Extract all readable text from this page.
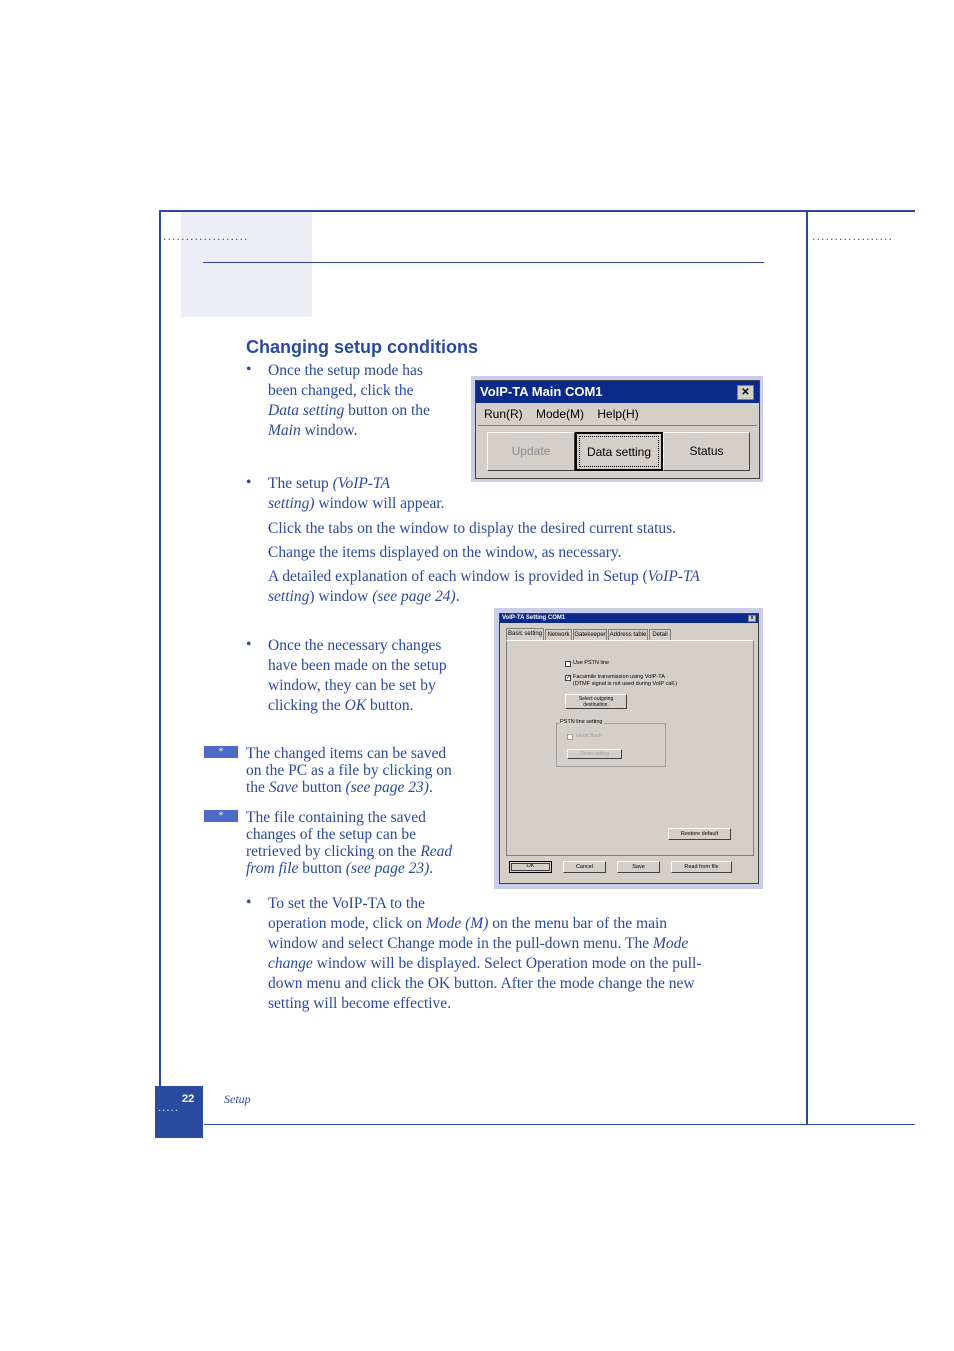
···················	··················
Changing setup conditions
• Once the setup mode has
been changed, click the
Data setting button on the
Main window.
• The setup (VoIP-TA
setting) window will appear.
Click the tabs on the window to display the desired current status.
Change the items displayed on the window, as necessary.
A detailed explanation of each window is provided in Setup (VoIP-TA
setting) window (see page 24).
• Once the necessary changes
have been made on the setup
window, they can be set by
clicking the OK button.
*	The changed items can be saved
on the PC as a file by clicking on
the Save button (see page 23).
*	The file containing the saved
changes of the setup can be
retrieved by clicking on the Read
from file button (see page 23).
• To set the VoIP-TA to the
operation mode, click on Mode (M) on the menu bar of the main
window and select Change mode in the pull-down menu. The Mode
change window will be displayed. Select Operation mode on the pull-
down menu and click the OK button. After the mode change the new
setting will become effective.
VoIP-TA Main COM1	✕
Run(R) Mode(M) Help(H)
Update	Data setting	Status
VoIP-TA Setting COM1	x
Basic setting Network Gatekeeper Address table Detail
Use PSTN line
✓ Facsimile transmission using VoIP-TA
(DTMF signal is not used during VoIP call.)
Select outgoing destination.
PSTN line setting
Hook flash
Detail setting
Restore default
OK	Cancel	Save	Read from file
22
·····
Setup
